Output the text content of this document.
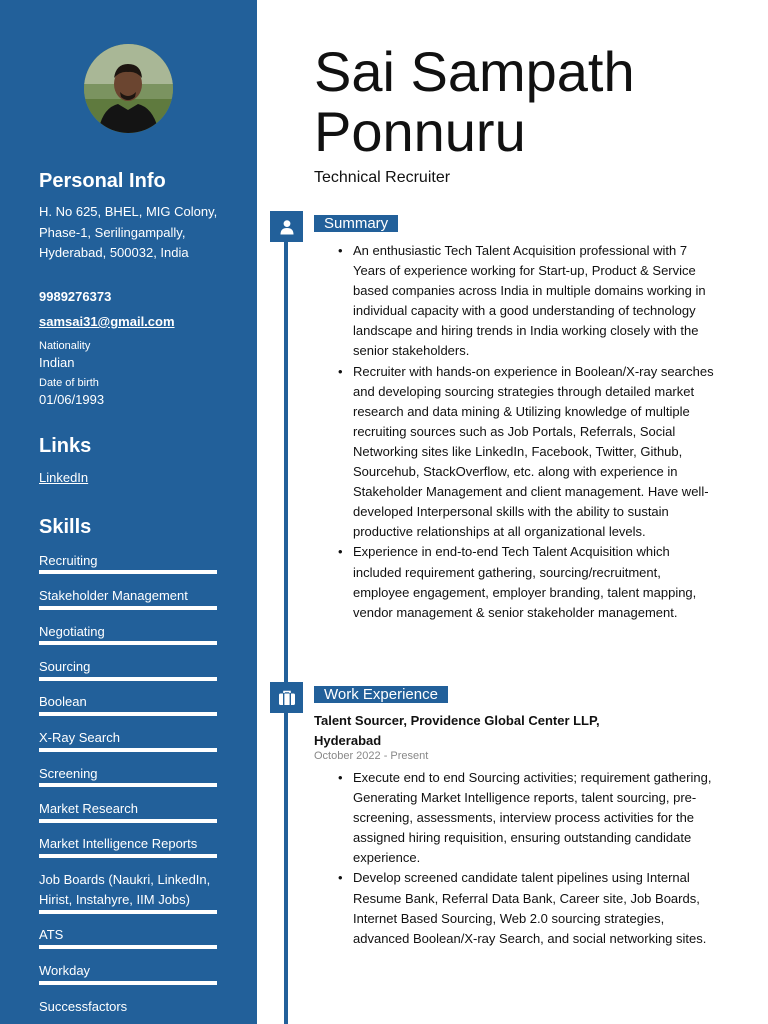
Personal Info
H. No 625, BHEL, MIG Colony, Phase-1, Serilingampally, Hyderabad, 500032, India
9989276373
samsai31@gmail.com
Nationality
Indian
Date of birth
01/06/1993
Links
LinkedIn
Skills
Recruiting
Stakeholder Management
Negotiating
Sourcing
Boolean
X-Ray Search
Screening
Market Research
Market Intelligence Reports
Job Boards (Naukri, LinkedIn, Hirist, Instahyre, IIM Jobs)
ATS
Workday
Successfactors
Sai Sampath Ponnuru
Technical Recruiter
Summary
• An enthusiastic Tech Talent Acquisition professional with 7 Years of experience working for Start-up, Product & Service based companies across India in multiple domains working in individual capacity with a good understanding of technology landscape and hiring trends in India working closely with the senior stakeholders.
• Recruiter with hands-on experience in Boolean/X-ray searches and developing sourcing strategies through detailed market research and data mining & Utilizing knowledge of multiple recruiting sources such as Job Portals, Referrals, Social Networking sites like LinkedIn, Facebook, Twitter, Github, Sourcehub, StackOverflow, etc. along with experience in Stakeholder Management and client management. Have well-developed Interpersonal skills with the ability to sustain productive relationships at all organizational levels.
• Experience in end-to-end Tech Talent Acquisition which included requirement gathering, sourcing/recruitment, employee engagement, employer branding, talent mapping, vendor management & senior stakeholder management.
Work Experience
Talent Sourcer, Providence Global Center LLP, Hyderabad
October 2022 - Present
• Execute end to end Sourcing activities; requirement gathering, Generating Market Intelligence reports, talent sourcing, pre-screening, assessments, interview process activities for the assigned hiring requisition, ensuring outstanding candidate experience.
• Develop screened candidate talent pipelines using Internal Resume Bank, Referral Data Bank, Career site, Job Boards, Internet Based Sourcing, Web 2.0 sourcing strategies, advanced Boolean/X-ray Search, and social networking sites.
